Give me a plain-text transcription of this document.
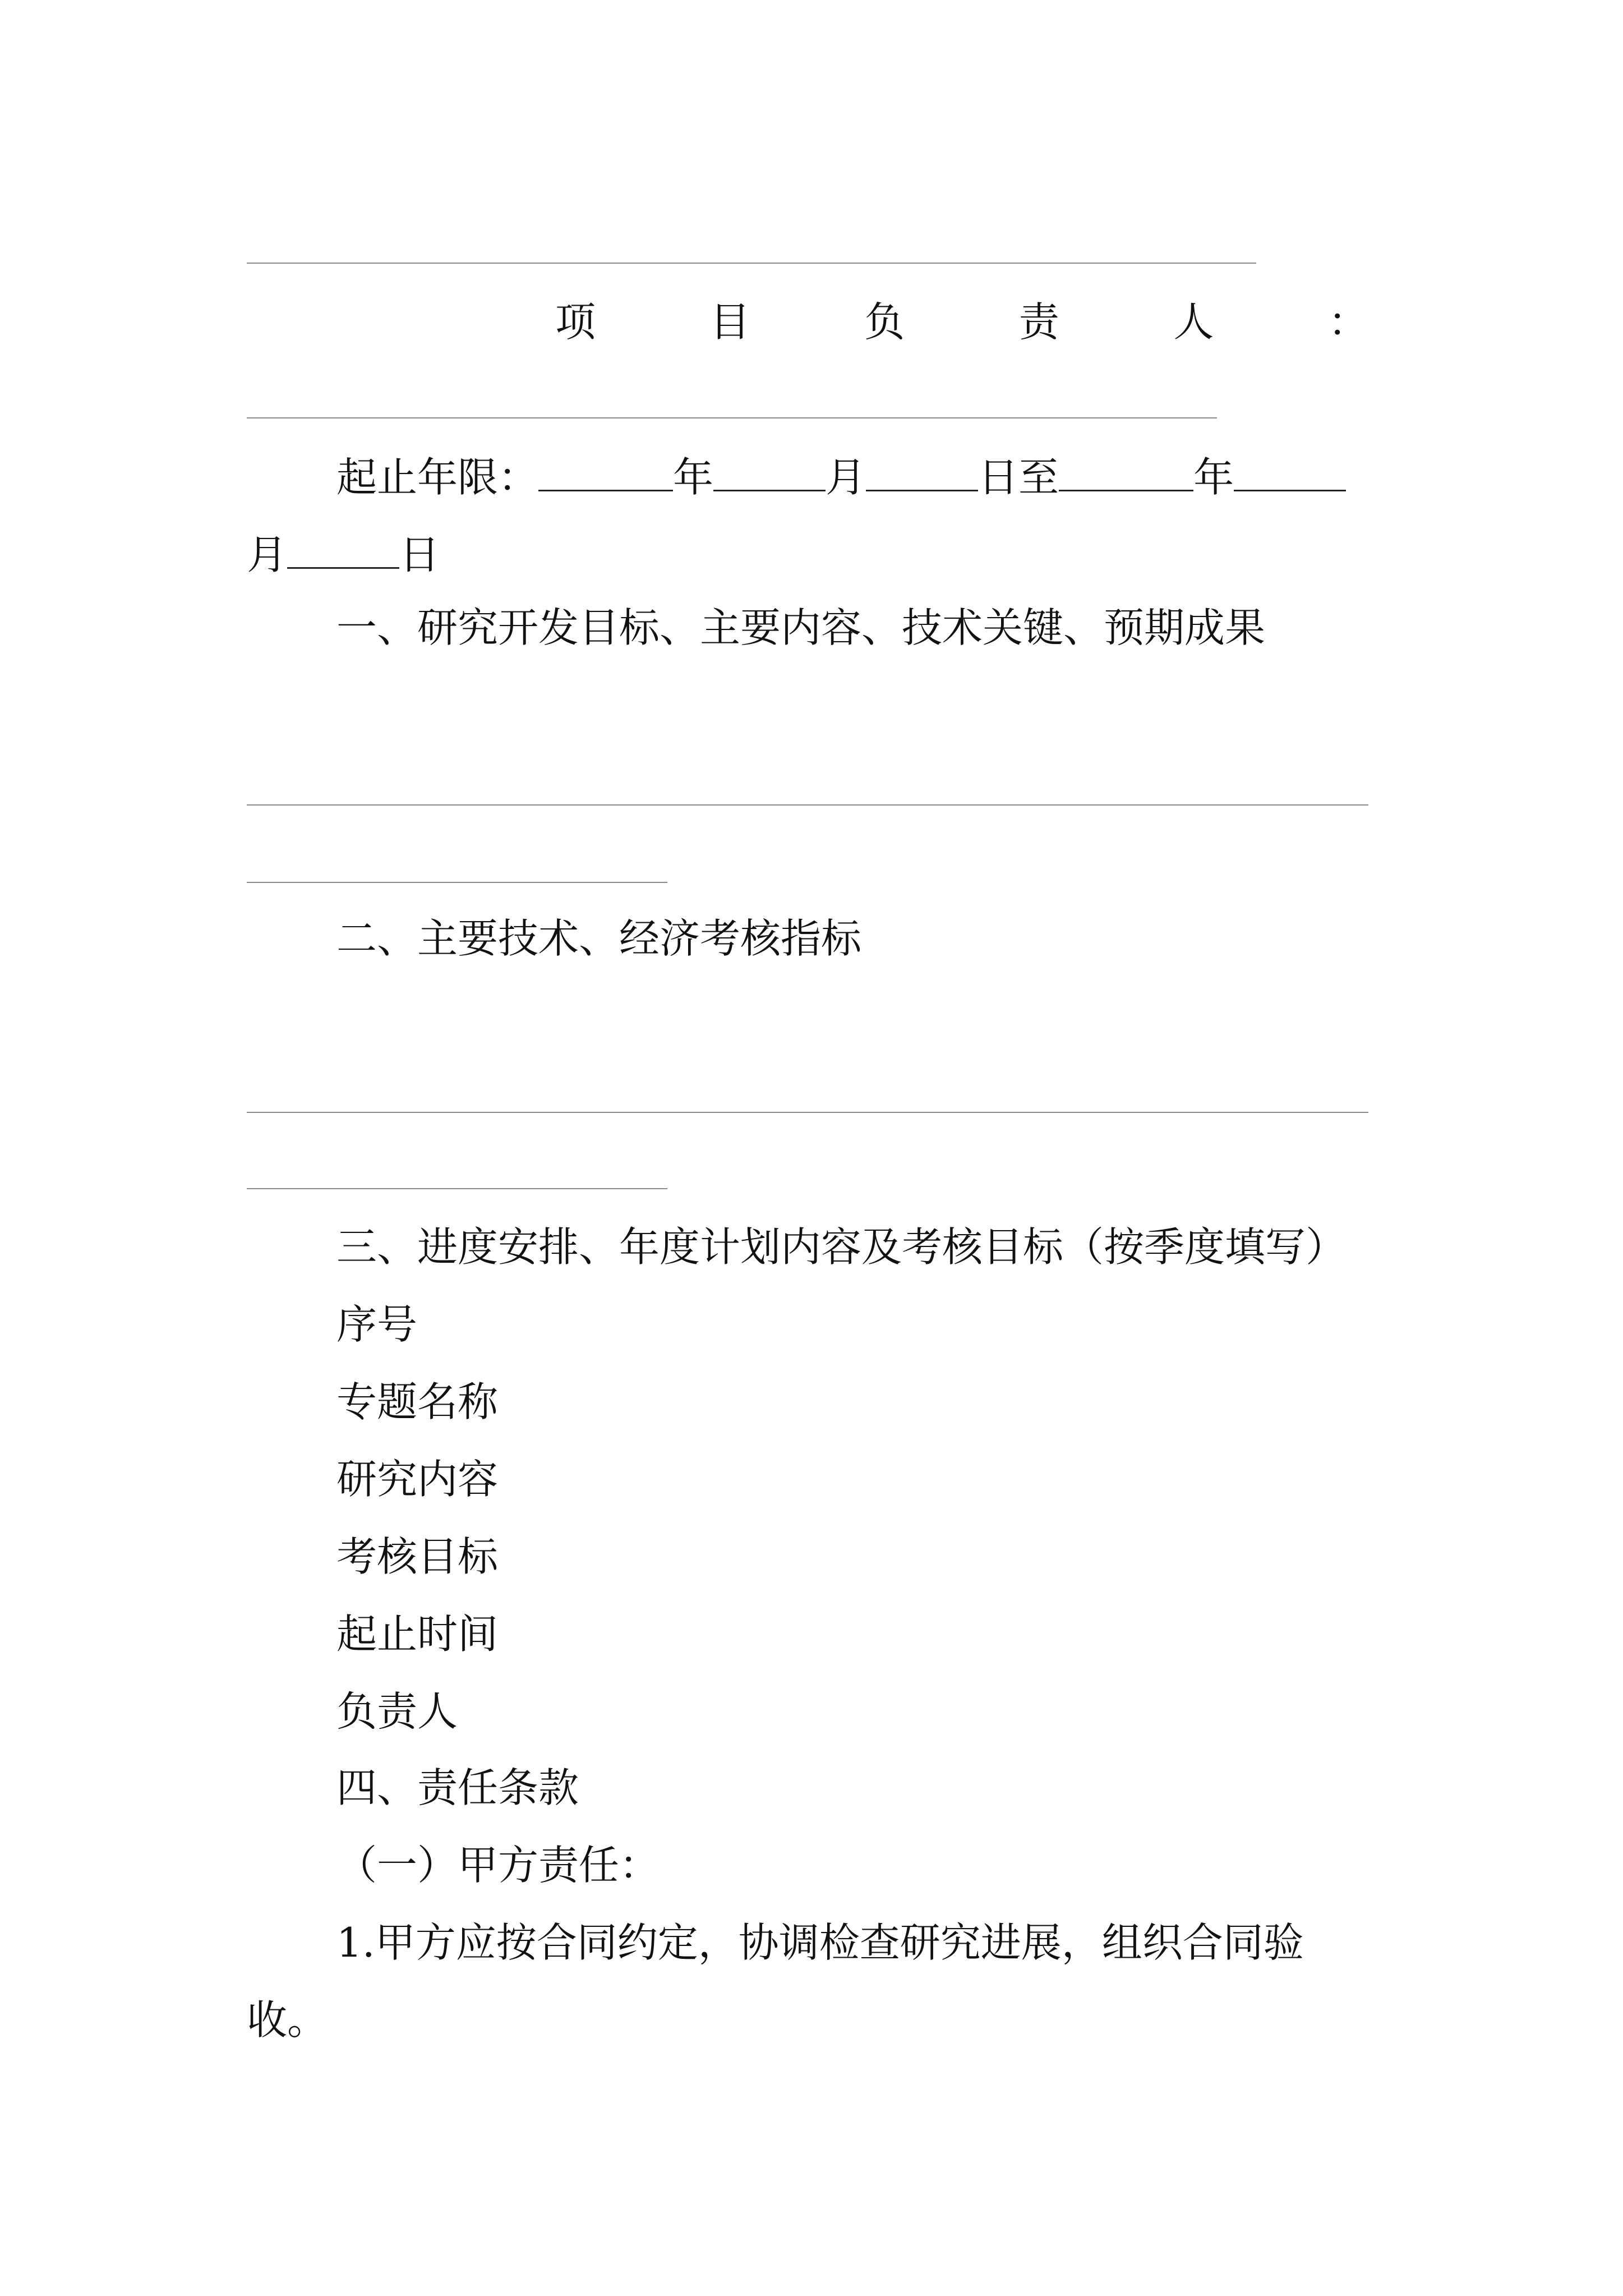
项	目	负	责	人	：
起止年限：	年	月	日至	年
月	日
一、研究开发目标、主要内容、技术关键、预期成果
二、主要技术、经济考核指标
三、进度安排、年度计划内容及考核目标（按季度填写）
序号
专题名称
研究内容
考核目标
起止时间
负责人
四、责任条款
（一）甲方责任：
1.甲方应按合同约定，协调检查研究进展，组织合同验
收。
